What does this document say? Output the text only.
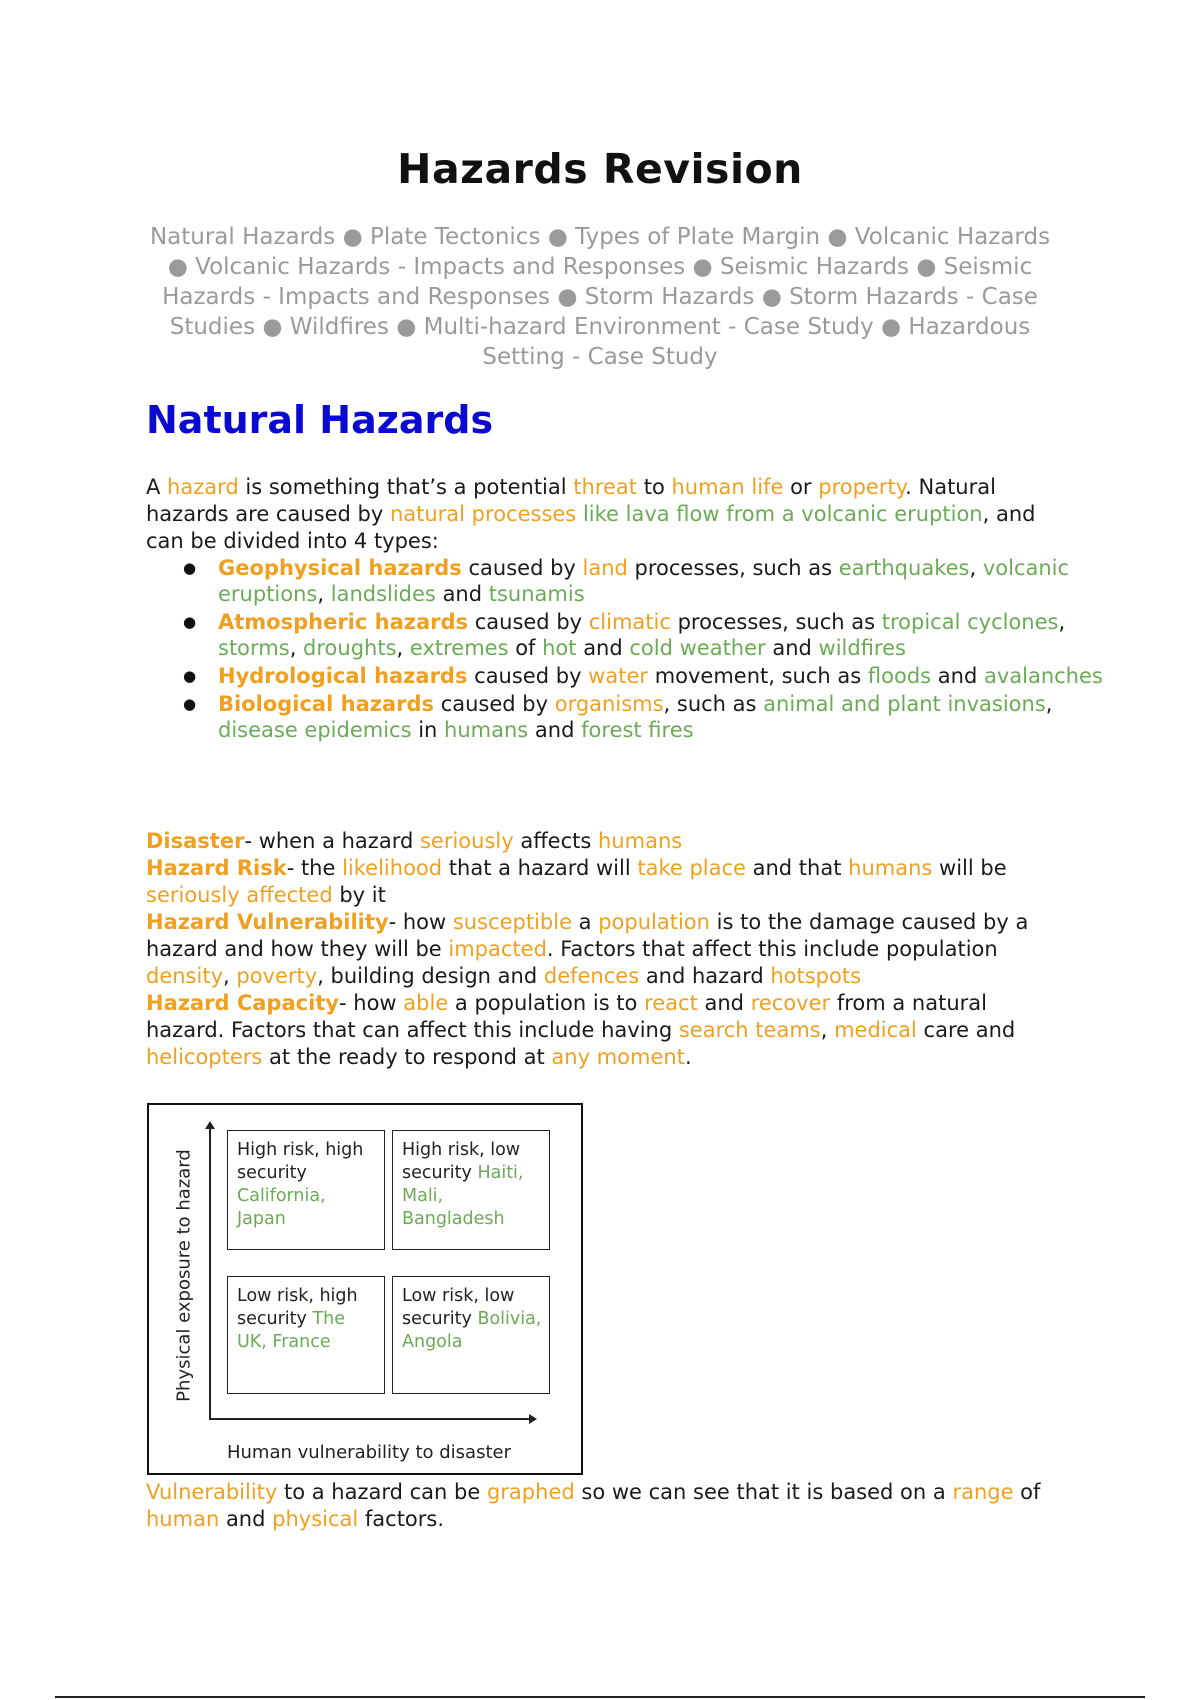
Hazards Revision
Natural Hazards ● Plate Tectonics ● Types of Plate Margin ● Volcanic Hazards ● Volcanic Hazards - Impacts and Responses ● Seismic Hazards ● Seismic Hazards - Impacts and Responses ● Storm Hazards ● Storm Hazards - Case Studies ● Wildfires ● Multi-hazard Environment - Case Study ● Hazardous Setting - Case Study
Natural Hazards
A hazard is something that’s a potential threat to human life or property. Natural hazards are caused by natural processes like lava flow from a volcanic eruption, and can be divided into 4 types:
● Geophysical hazards caused by land processes, such as earthquakes, volcanic eruptions, landslides and tsunamis
● Atmospheric hazards caused by climatic processes, such as tropical cyclones, storms, droughts, extremes of hot and cold weather and wildfires
● Hydrological hazards caused by water movement, such as floods and avalanches
● Biological hazards caused by organisms, such as animal and plant invasions, disease epidemics in humans and forest fires
Disaster- when a hazard seriously affects humans
Hazard Risk- the likelihood that a hazard will take place and that humans will be seriously affected by it
Hazard Vulnerability- how susceptible a population is to the damage caused by a hazard and how they will be impacted. Factors that affect this include population density, poverty, building design and defences and hazard hotspots
Hazard Capacity- how able a population is to react and recover from a natural hazard. Factors that can affect this include having search teams, medical care and helicopters at the ready to respond at any moment.
Physical exposure to hazard	High risk, high security California, Japan
High risk, low security Haiti, Mali, Bangladesh
Low risk, high security The UK, France
Low risk, low security Bolivia, Angola
Human vulnerability to disaster
Vulnerability to a hazard can be graphed so we can see that it is based on a range of human and physical factors.
